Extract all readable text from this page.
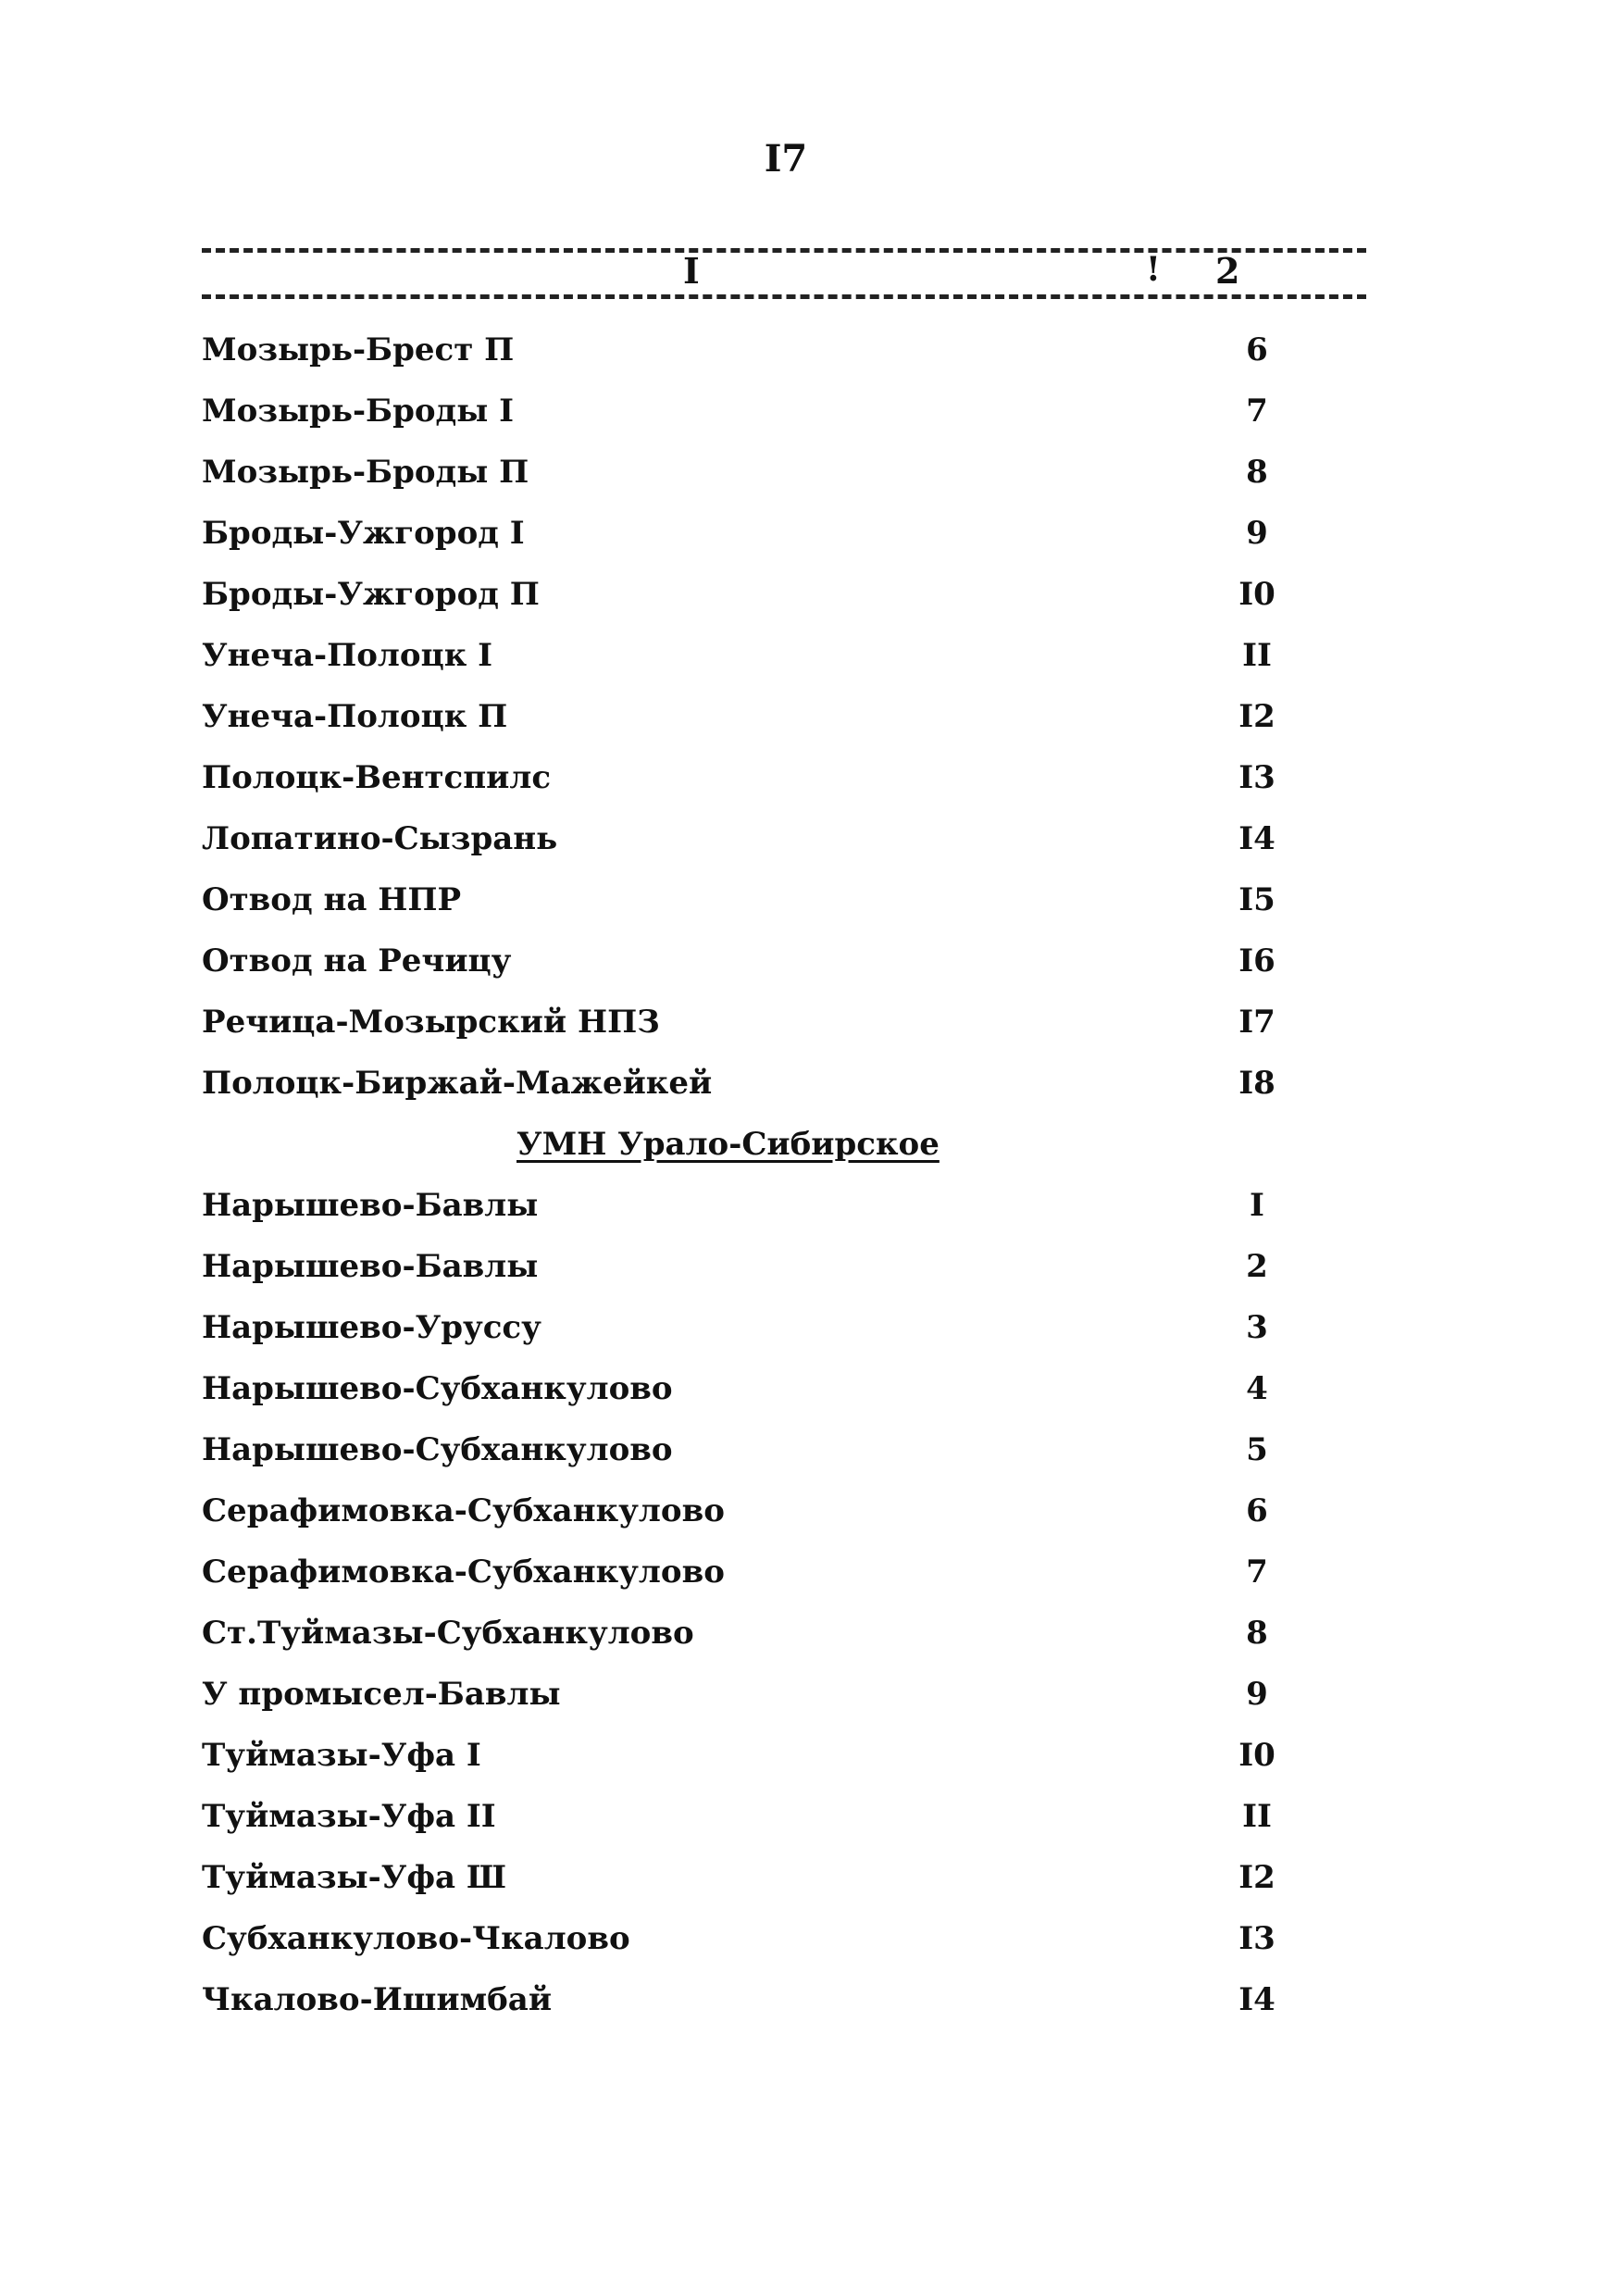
I7
I	! 2
Мозырь-Брест П	6
Мозырь-Броды I	7
Мозырь-Броды П	8
Броды-Ужгород I	9
Броды-Ужгород П	I0
Унеча-Полоцк I	II
Унеча-Полоцк П	I2
Полоцк-Вентспилс	I3
Лопатино-Сызрань	I4
Отвод на НПР	I5
Отвод на Речицу	I6
Речица-Мозырский НПЗ	I7
Полоцк-Биржай-Мажейкей	I8
УМН Урало-Сибирское
Нарышево-Бавлы	I
Нарышево-Бавлы	2
Нарышево-Уруссу	3
Нарышево-Субханкулово	4
Нарышево-Субханкулово	5
Серафимовка-Субханкулово	6
Серафимовка-Субханкулово	7
Ст.Туймазы-Субханкулово	8
У промысел-Бавлы	9
Туймазы-Уфа I	I0
Туймазы-Уфа II	II
Туймазы-Уфа Ш	I2
Субханкулово-Чкалово	I3
Чкалово-Ишимбай	I4
